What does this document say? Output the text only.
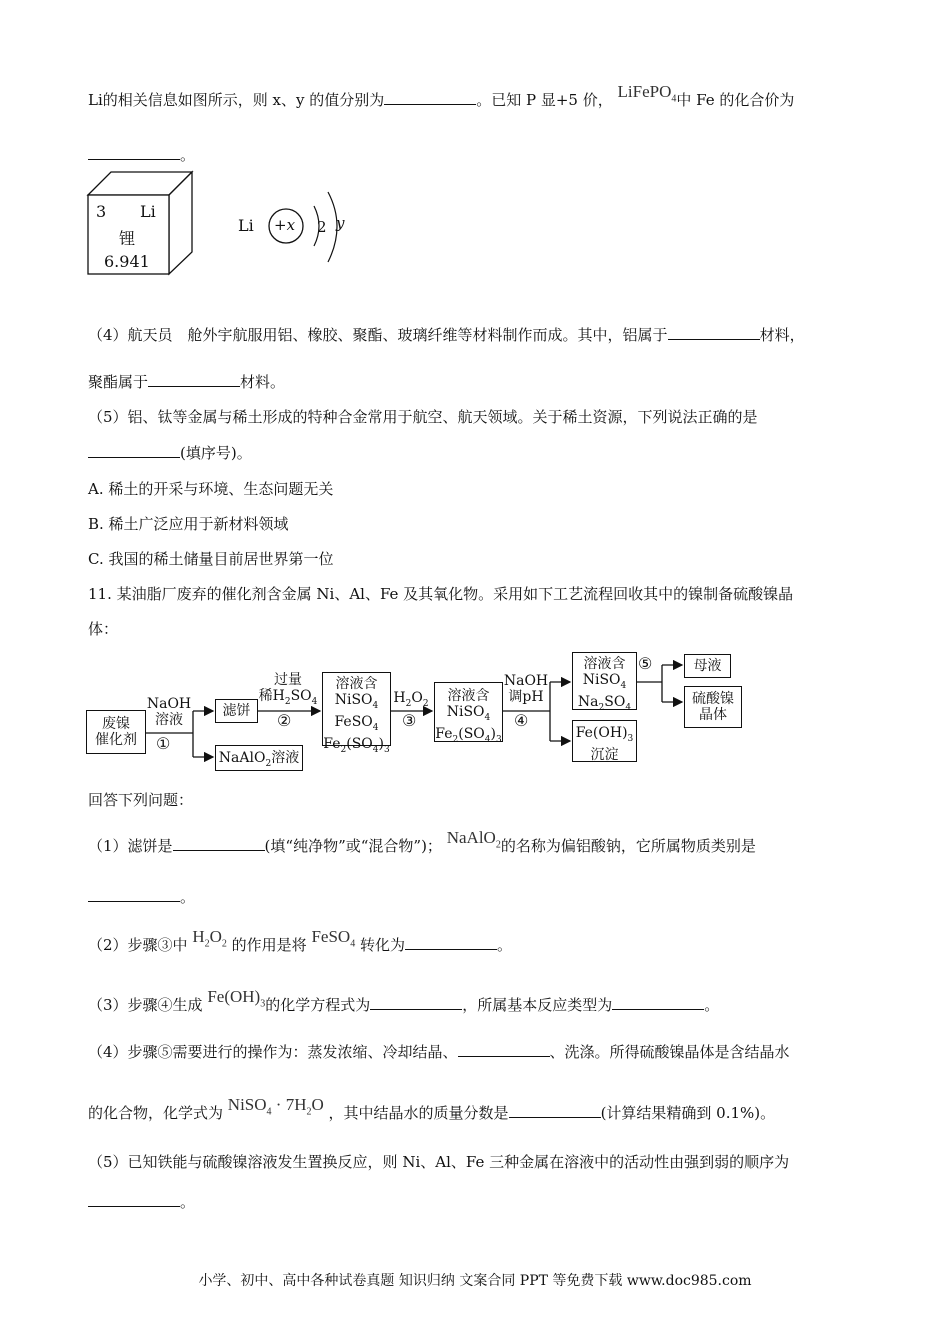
Li的相关信息如图所示，则 x、y 的值分别为	。已知 P 显+5 价， LiFePO$_4$中 Fe 的化合价为
。
3 Li
锂
6.941
Li +x 2 y
（4）航天员　舱外宇航服用铝、橡胶、聚酯、玻璃纤维等材料制作而成。其中，铝属于	材料，
聚酯属于	材料。
（5）铝、钛等金属与稀土形成的特种合金常用于航空、航天领域。关于稀土资源，下列说法正确的是
(填序号)。
A. 稀土的开采与环境、生态问题无关
B. 稀土广泛应用于新材料领域
C. 我国的稀土储量目前居世界第一位
11. 某油脂厂废弃的催化剂含金属 Ni、Al、Fe 及其氧化物。采用如下工艺流程回收其中的镍制备硫酸镍晶
体：
废镍
催化剂
NaOH
溶液
①
滤饼
NaAlO$_2$溶液
过量
稀$H_2SO_4$
②
溶液含
NiSO$_4$
FeSO$_4$
$Fe_2(SO_4)_3$
$H_2O_2$
③
溶液含
NiSO$_4$
$Fe_2(SO_4)_3$
NaOH
调pH
④
溶液含
NiSO$_4$
$Na_2SO_4$
$Fe(OH)_3$
沉淀
⑤	母液
硫酸镍
晶体
回答下列问题：
（1）滤饼是	(填“纯净物”或“混合物”)； NaAlO$_2$的名称为偏铝酸钠，它所属物质类别是
。
（2）步骤③中 $H_2O_2$ 的作用是将 FeSO$_4$ 转化为	。
（3）步骤④生成 $Fe(OH)_3$的化学方程式为	，所属基本反应类型为	。
（4）步骤⑤需要进行的操作为：蒸发浓缩、冷却结晶、	、洗涤。所得硫酸镍晶体是含结晶水
的化合物，化学式为 NiSO$_4$ · $7H_2O$ ，其中结晶水的质量分数是	(计算结果精确到 0.1%)。
（5）已知铁能与硫酸镍溶液发生置换反应，则 Ni、Al、Fe 三种金属在溶液中的活动性由强到弱的顺序为
。
小学、初中、高中各种试卷真题 知识归纳 文案合同 PPT 等免费下载 www.doc985.com
